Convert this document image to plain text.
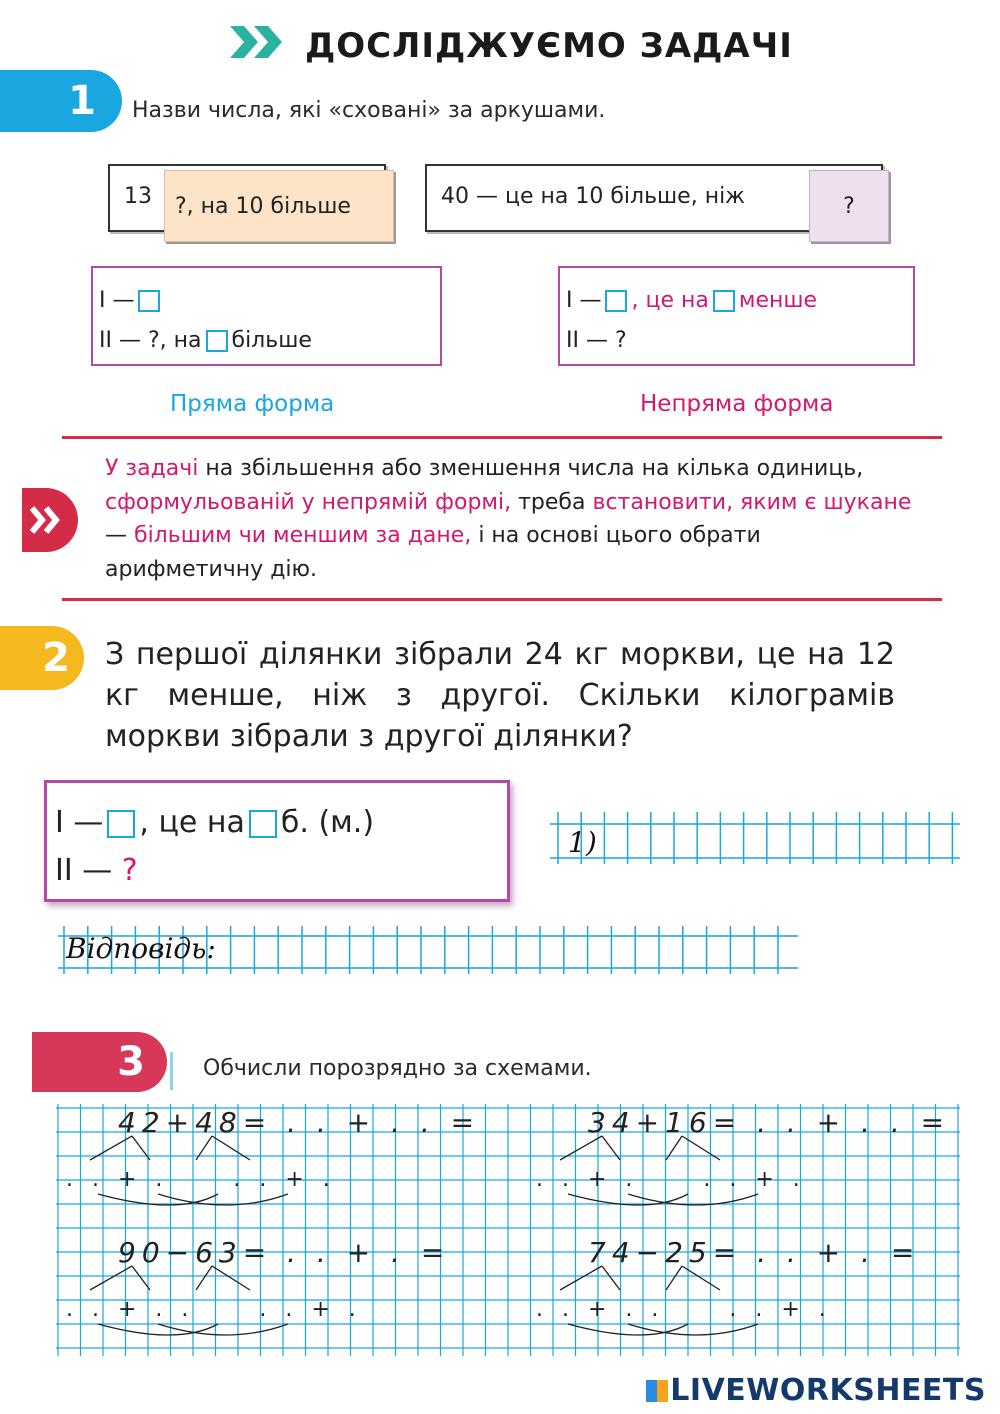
ДОСЛІДЖУЄМО ЗАДАЧІ
1	Назви числа, які «сховані» за аркушами.
13 ?, на 10 більше	40 — це на 10 більше, ніж	?
І —
ІІ — ?, на більше
І — , це на менше
ІІ — ?
Пряма форма	Непряма форма
У задачі на збільшення або зменшення числа на кілька одиниць, сформульованій у непрямій формі, треба встановити, яким є шукане — більшим чи меншим за дане, і на основі цього обрати арифметичну дію.
2	З першої ділянки зібрали 24 кг моркви, це на 12 кг менше, ніж з другої. Скільки кілограмів моркви зібрали з другої ділянки?
І — , це на б. (м.)
ІІ — ?
1)
Відповідь:
3	Обчисли порозрядно за схемами.
42+48= . . + . . =
. . + .     . . + .
34+16= . . + . . =
. . + .     . . + .
90−63= . . + . =
. . + . .     . . + .
74−25= . . + . =
. . + . .     . . + .
LIVEWORKSHEETS
